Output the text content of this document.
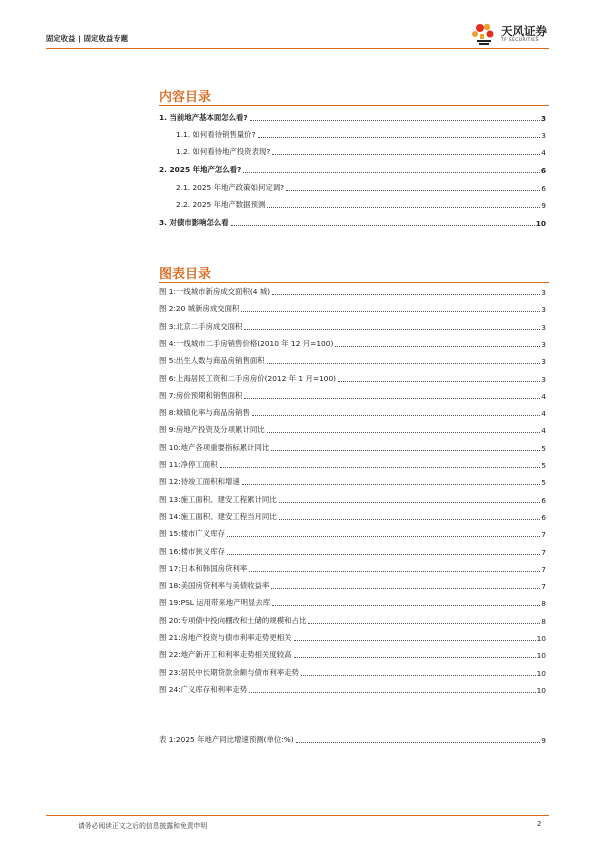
固定收益 | 固定收益专题
天风证券
TF SECURITIES
内容目录
1. 当前地产基本面怎么看?	3
1.1. 如何看待销售量价?	3
1.2. 如何看待地产投资表现?	4
2. 2025 年地产怎么看?	6
2.1. 2025 年地产政策如何定调?	6
2.2. 2025 年地产数据预测	9
3. 对债市影响怎么看	10
图表目录
图 1:一线城市新房成交面积(4 城)	3
图 2:20 城新房成交面积	3
图 3:北京二手房成交面积	3
图 4:一线城市二手房销售价格(2010 年 12 月=100)	3
图 5:出生人数与商品房销售面积	3
图 6:上海居民工资和二手房房价(2012 年 1 月=100)	3
图 7:房价预期和销售面积	4
图 8:城镇化率与商品房销售	4
图 9:房地产投资及分项累计同比	4
图 10:地产各项重要指标累计同比	5
图 11:净停工面积	5
图 12:待竣工面积和增速	5
图 13:施工面积、建安工程累计同比	6
图 14:施工面积、建安工程当月同比	6
图 15:楼市广义库存	7
图 16:楼市狭义库存	7
图 17:日本和韩国房贷利率	7
图 18:美国房贷利率与美债收益率	7
图 19:PSL 运用带来地产明显去库	8
图 20:专项债中投向棚改和土储的规模和占比	8
图 21:房地产投资与债市利率走势更相关	10
图 22:地产新开工和利率走势相关度较高	10
图 23:居民中长期贷款余额与债市利率走势	10
图 24:广义库存和利率走势	10
表 1:2025 年地产同比增速预测(单位:%)	9
请务必阅读正文之后的信息披露和免责申明	2
